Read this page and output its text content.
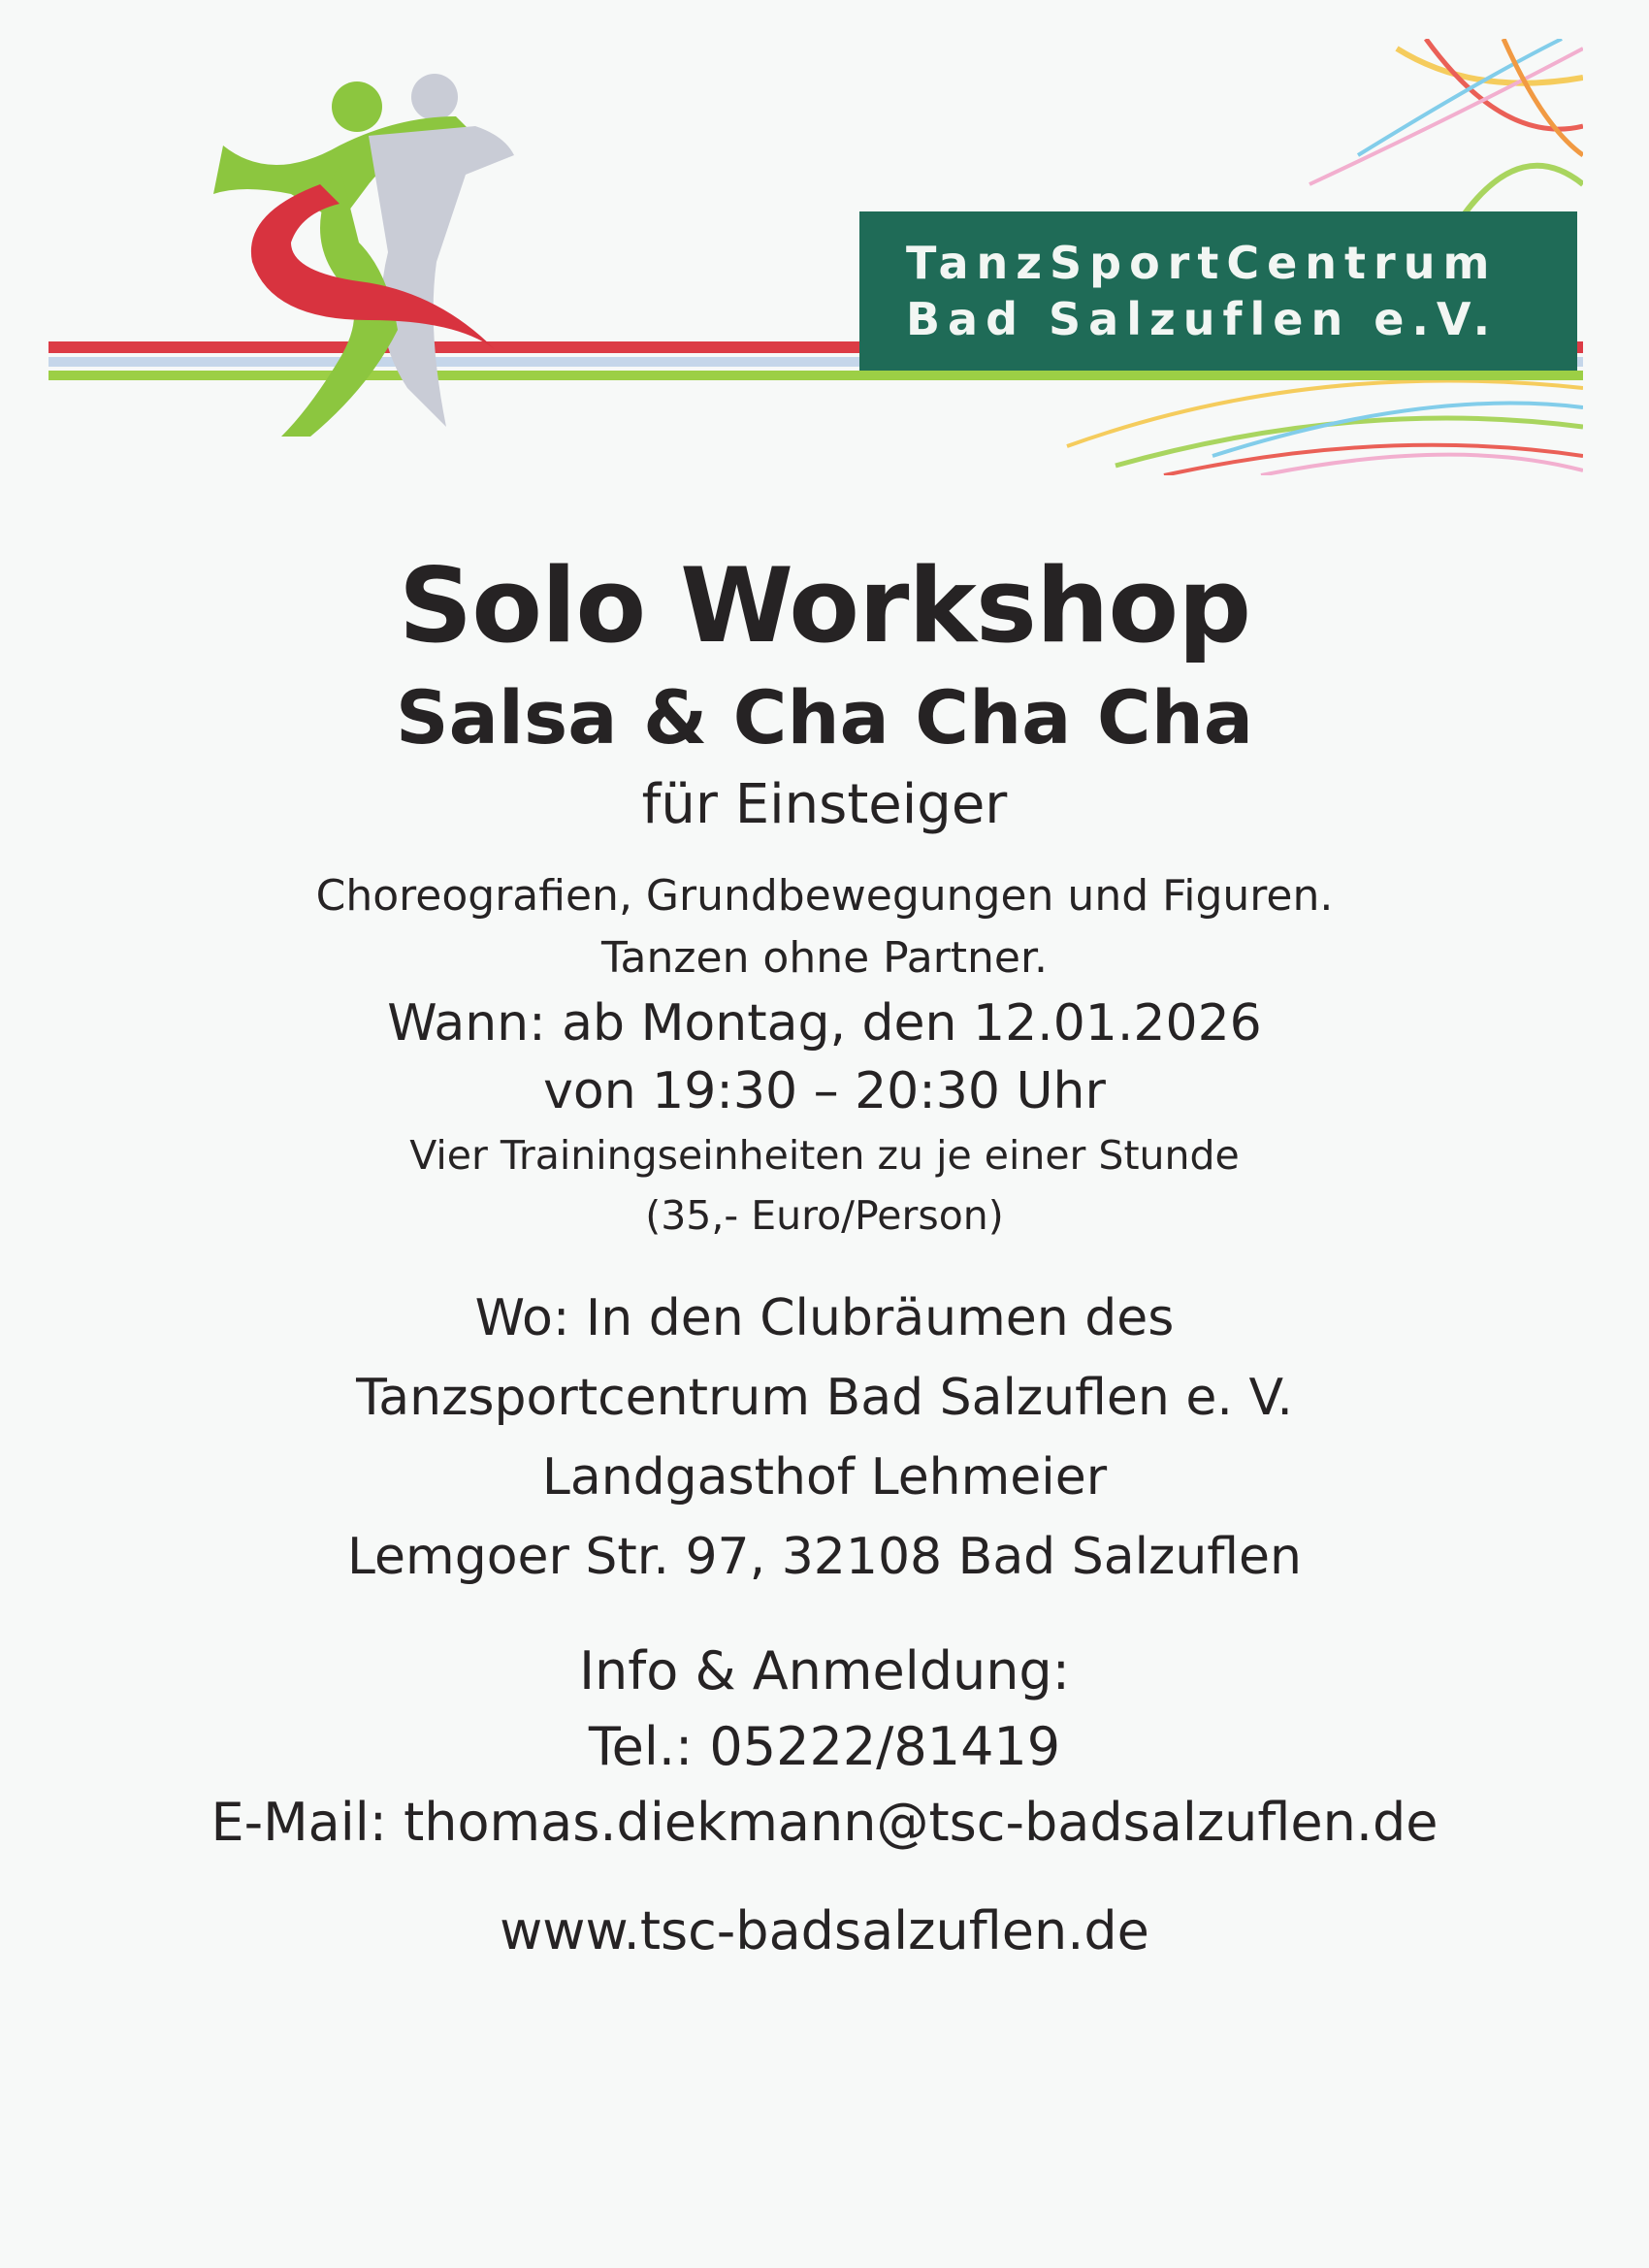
TanzSportCentrum
Bad Salzuflen e.V.
Solo Workshop
Salsa & Cha Cha Cha
für Einsteiger
Choreografien, Grundbewegungen und Figuren.
Tanzen ohne Partner.
Wann: ab Montag, den 12.01.2026
von 19:30 – 20:30 Uhr
Vier Trainingseinheiten zu je einer Stunde
(35,- Euro/Person)
Wo: In den Clubräumen des
Tanzsportcentrum Bad Salzuflen e. V.
Landgasthof Lehmeier
Lemgoer Str. 97, 32108 Bad Salzuflen
Info & Anmeldung:
Tel.: 05222/81419
E-Mail: thomas.diekmann@tsc-badsalzuflen.de
www.tsc-badsalzuflen.de
